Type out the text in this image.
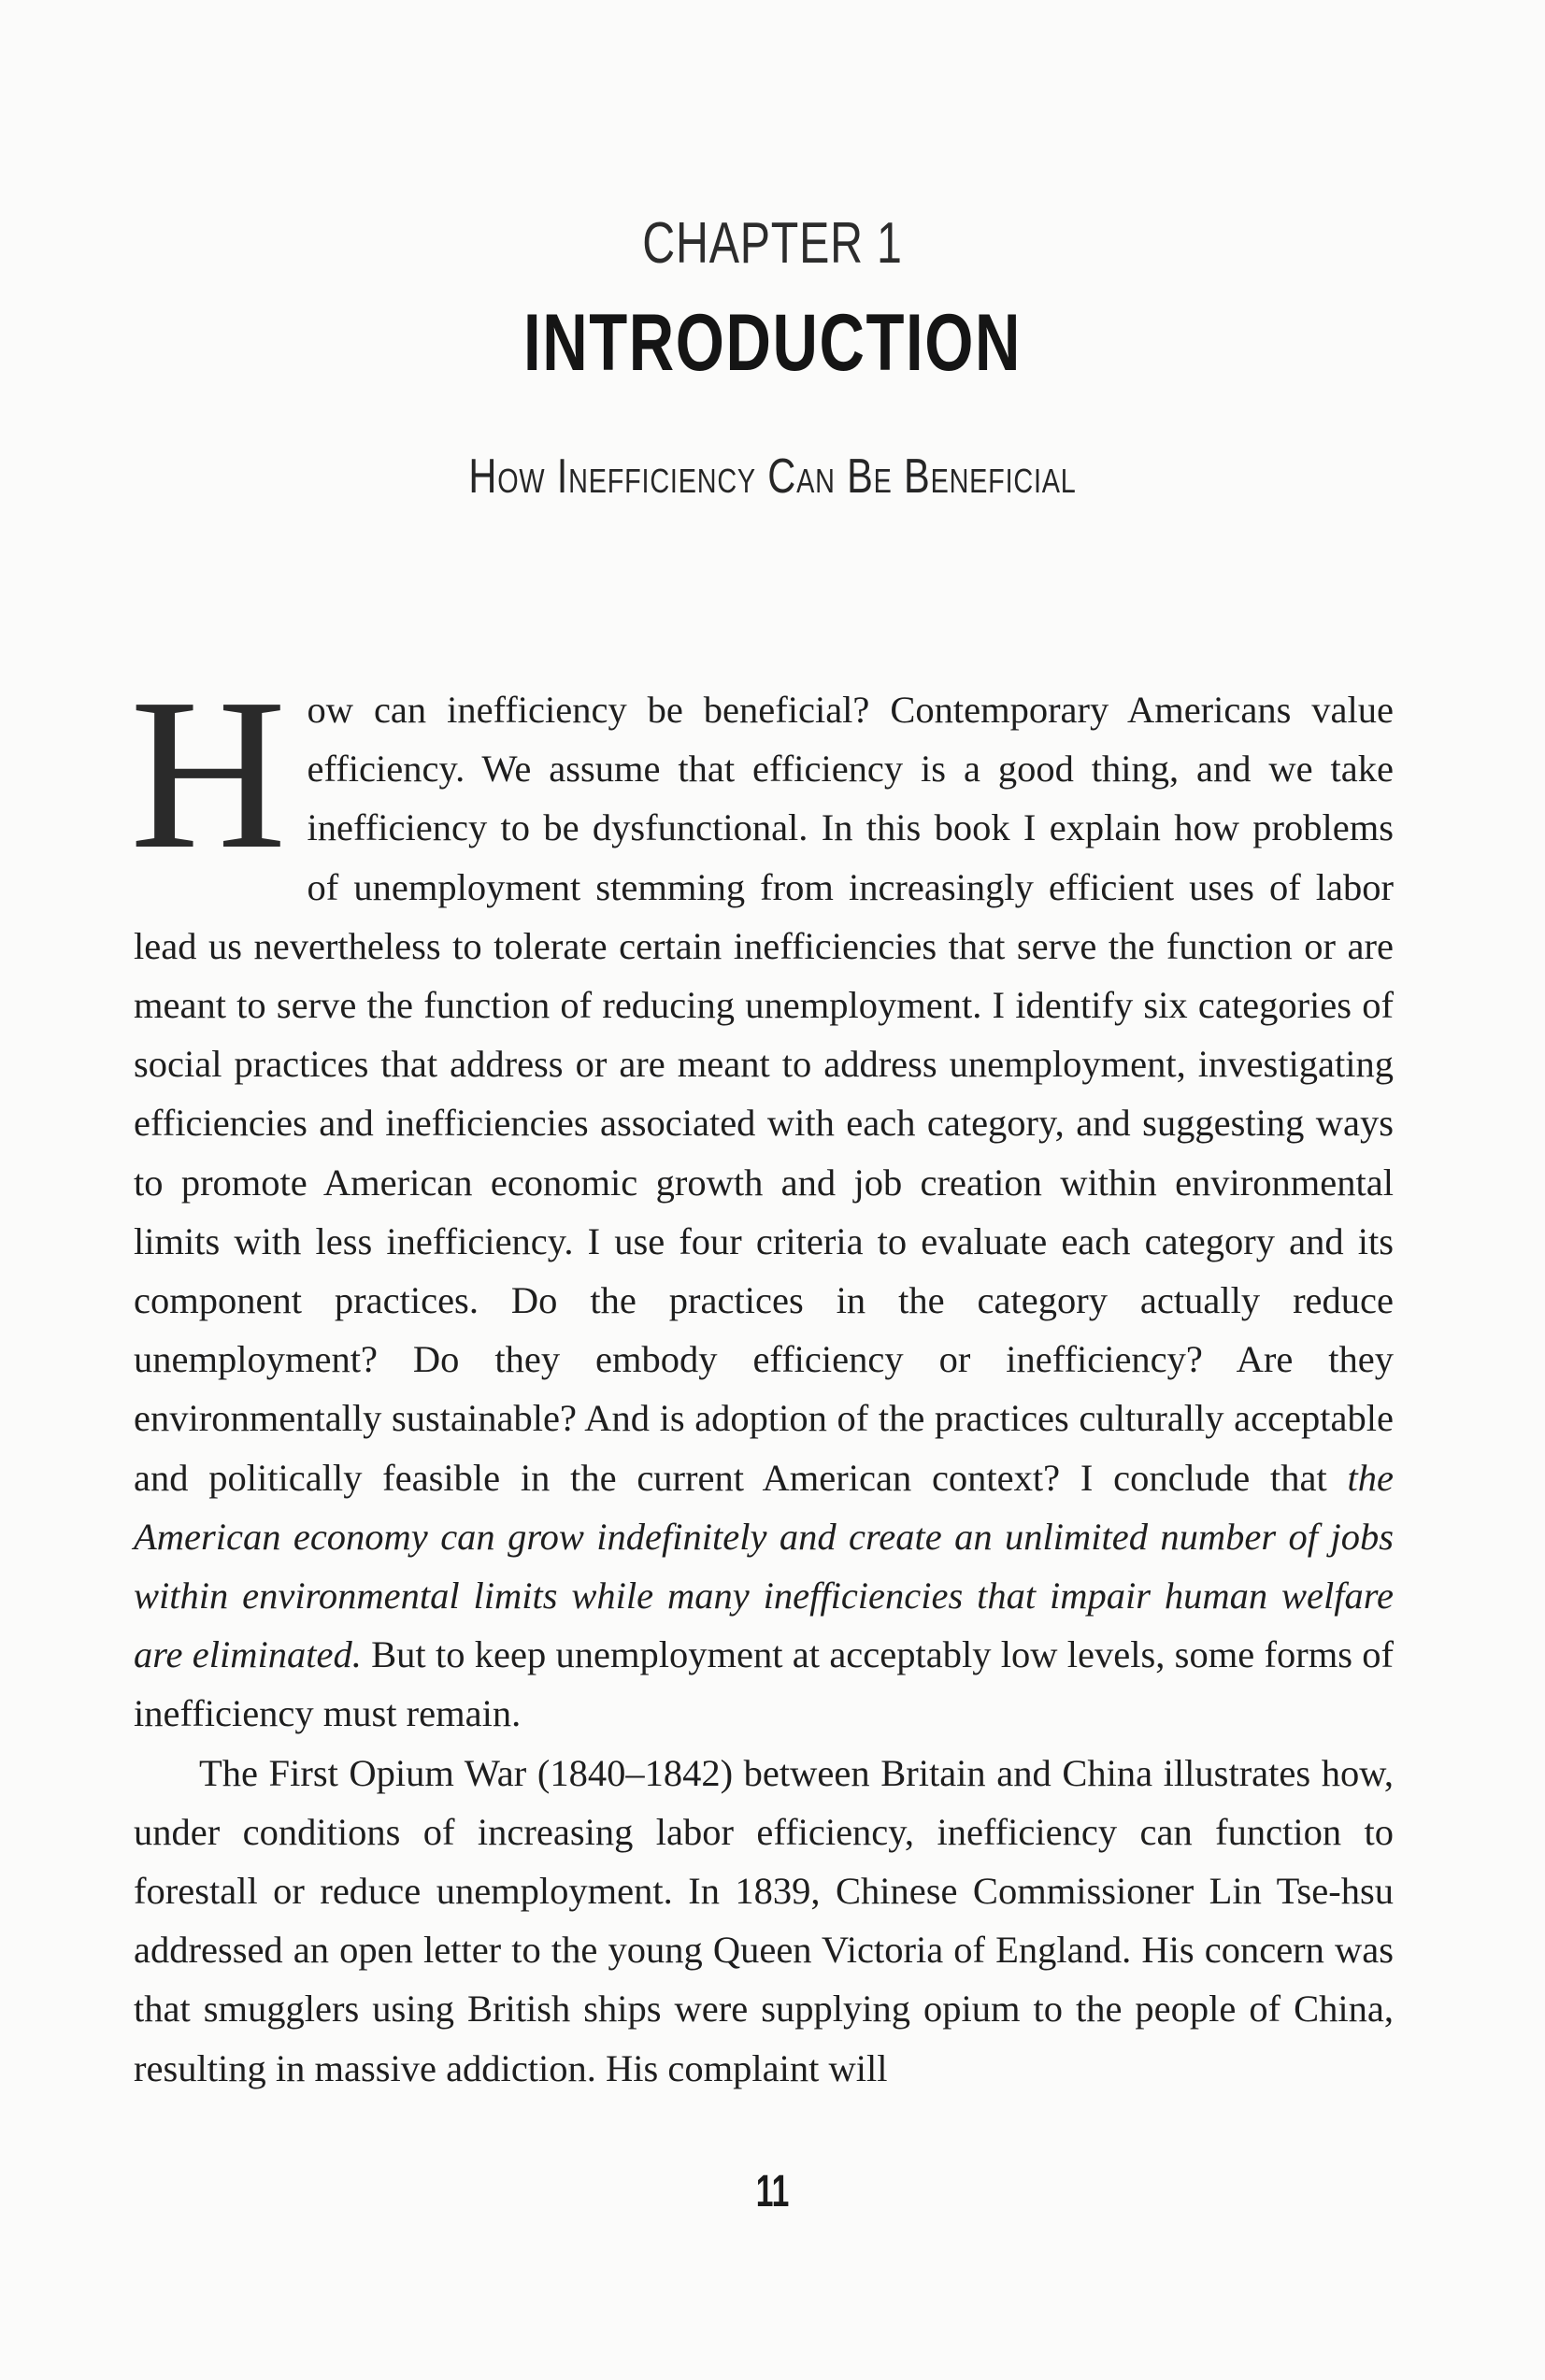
CHAPTER 1
INTRODUCTION
How Inefficiency Can Be Beneficial

How can inefficiency be beneficial? Contemporary Americans value efficiency. We assume that efficiency is a good thing, and we take inefficiency to be dysfunctional. In this book I explain how problems of unemployment stemming from increasingly efficient uses of labor lead us nevertheless to tolerate certain inefficiencies that serve the function or are meant to serve the function of reducing unemployment. I identify six categories of social practices that address or are meant to address unemployment, investigating efficiencies and inefficiencies associated with each category, and suggesting ways to promote American economic growth and job creation within environmental limits with less inefficiency. I use four criteria to evaluate each category and its component practices. Do the practices in the category actually reduce unemployment? Do they embody efficiency or inefficiency? Are they environmentally sustainable? And is adoption of the practices culturally acceptable and politically feasible in the current American context? I conclude that the American economy can grow indefinitely and create an unlimited number of jobs within environmental limits while many inefficiencies that impair human welfare are eliminated. But to keep unemployment at acceptably low levels, some forms of inefficiency must remain.

The First Opium War (1840–1842) between Britain and China illustrates how, under conditions of increasing labor efficiency, inefficiency can function to forestall or reduce unemployment. In 1839, Chinese Commissioner Lin Tse-hsu addressed an open letter to the young Queen Victoria of England. His concern was that smugglers using British ships were supplying opium to the people of China, resulting in massive addiction. His complaint will

11
